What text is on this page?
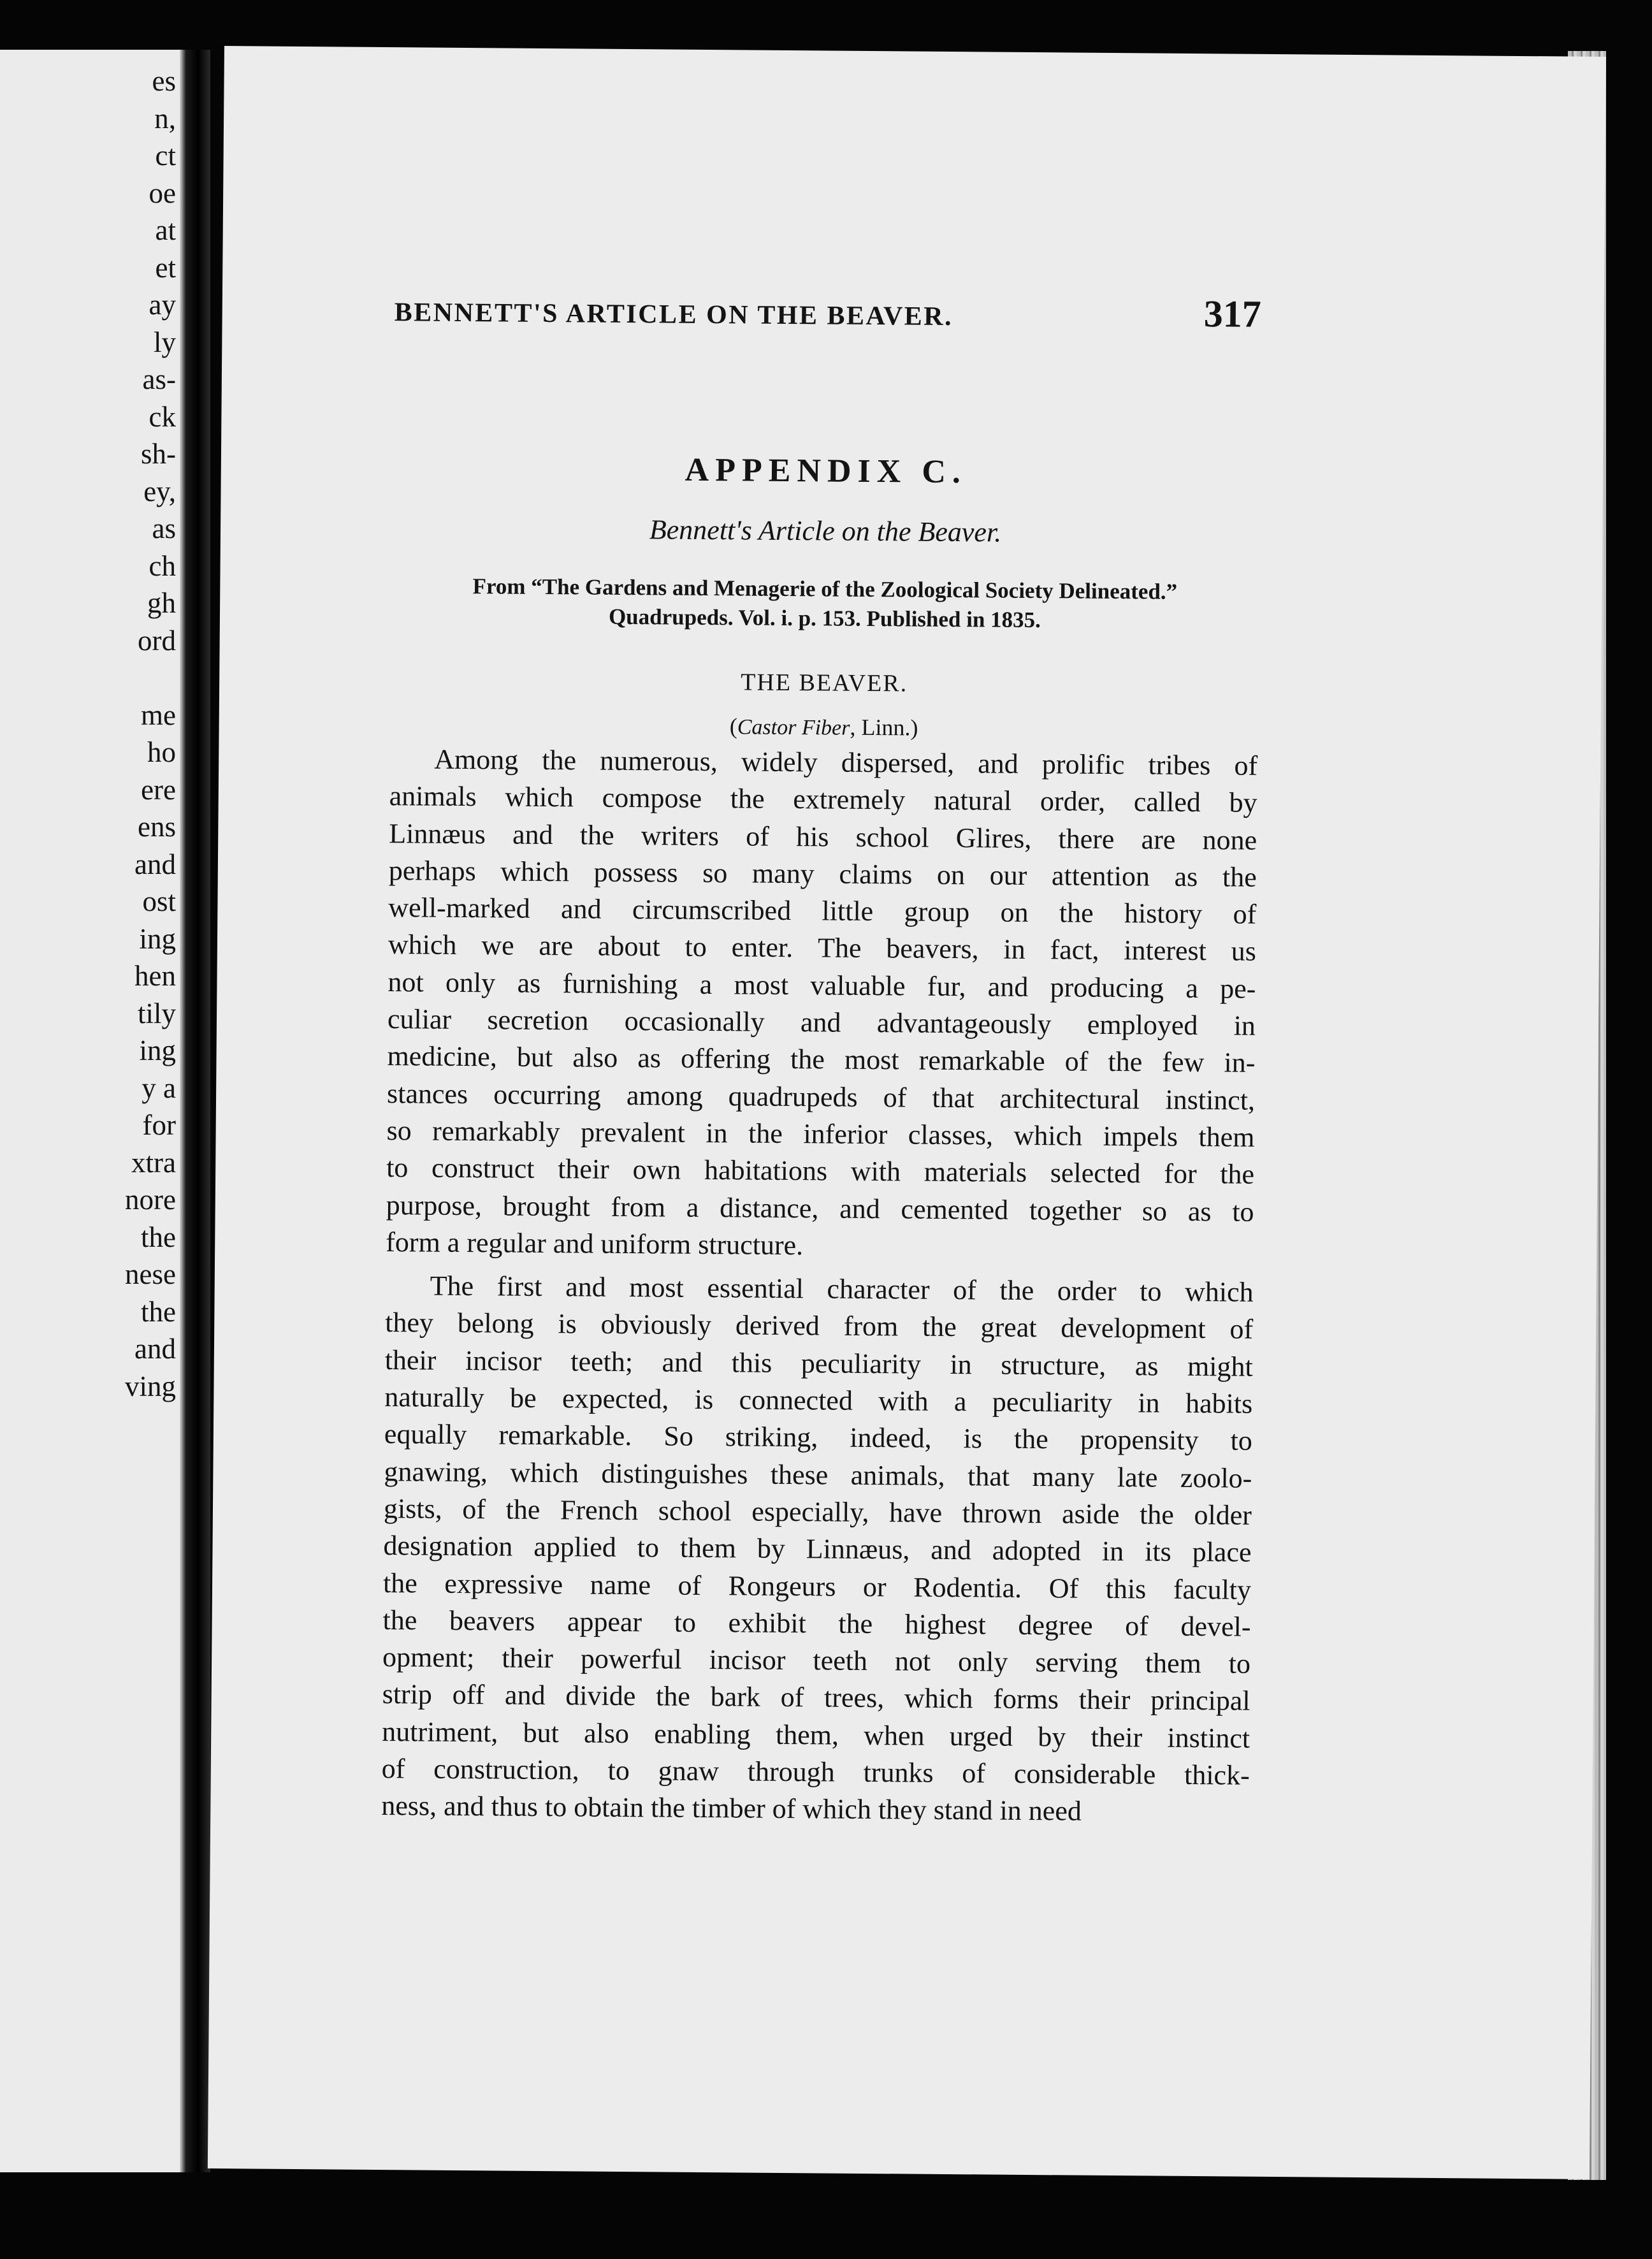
es
n,
ct
oe
at
et
ay
ly
as-
ck
sh-
ey,
as
ch
gh
ord
me
ho
ere
ens
and
ost
ing
hen
tily
ing
y a
for
xtra
nore
the
nese
the
and
ving
BENNETT'S ARTICLE ON THE BEAVER.	317
APPENDIX C.
Bennett's Article on the Beaver.
From “The Gardens and Menagerie of the Zoological Society Delineated.”
Quadrupeds. Vol. i. p. 153. Published in 1835.
THE BEAVER.
(Castor Fiber, Linn.)
Among the numerous, widely dispersed, and prolific tribes of
animals which compose the extremely natural order, called by
Linnæus and the writers of his school Glires, there are none
perhaps which possess so many claims on our attention as the
well-marked and circumscribed little group on the history of
which we are about to enter. The beavers, in fact, interest us
not only as furnishing a most valuable fur, and producing a pe-
culiar secretion occasionally and advantageously employed in
medicine, but also as offering the most remarkable of the few in-
stances occurring among quadrupeds of that architectural instinct,
so remarkably prevalent in the inferior classes, which impels them
to construct their own habitations with materials selected for the
purpose, brought from a distance, and cemented together so as to
form a regular and uniform structure.
The first and most essential character of the order to which
they belong is obviously derived from the great development of
their incisor teeth; and this peculiarity in structure, as might
naturally be expected, is connected with a peculiarity in habits
equally remarkable. So striking, indeed, is the propensity to
gnawing, which distinguishes these animals, that many late zoolo-
gists, of the French school especially, have thrown aside the older
designation applied to them by Linnæus, and adopted in its place
the expressive name of Rongeurs or Rodentia. Of this faculty
the beavers appear to exhibit the highest degree of devel-
opment; their powerful incisor teeth not only serving them to
strip off and divide the bark of trees, which forms their principal
nutriment, but also enabling them, when urged by their instinct
of construction, to gnaw through trunks of considerable thick-
ness, and thus to obtain the timber of which they stand in need
